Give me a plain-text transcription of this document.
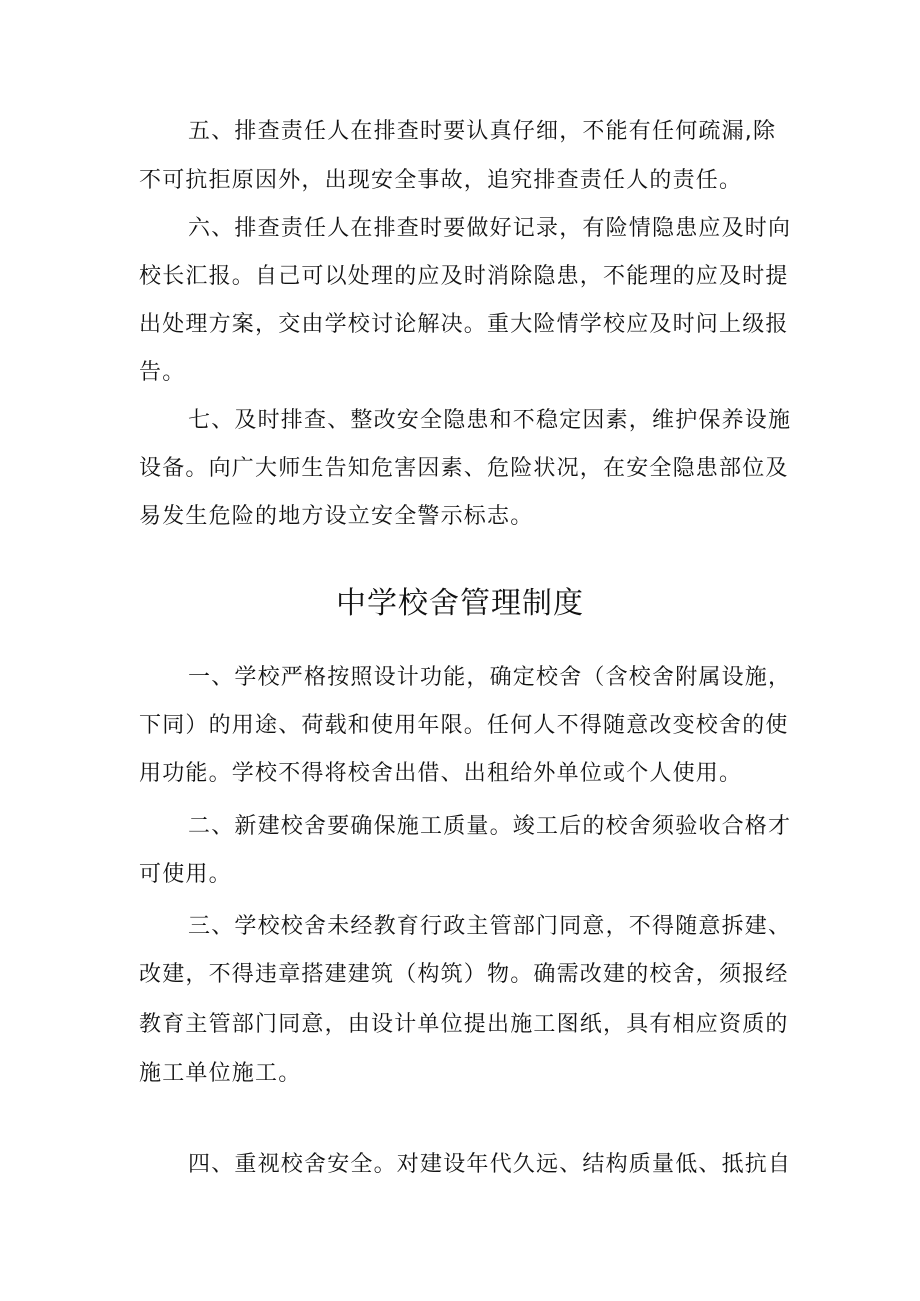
五、排查责任人在排查时要认真仔细，不能有任何疏漏,除
不可抗拒原因外，出现安全事故，追究排查责任人的责任。
六、排查责任人在排查时要做好记录，有险情隐患应及时向
校长汇报。自己可以处理的应及时消除隐患，不能理的应及时提
出处理方案，交由学校讨论解决。重大险情学校应及时问上级报
告。
七、及时排查、整改安全隐患和不稳定因素，维护保养设施
设备。向广大师生告知危害因素、危险状况，在安全隐患部位及
易发生危险的地方设立安全警示标志。
中学校舍管理制度
一、学校严格按照设计功能，确定校舍（含校舍附属设施，
下同）的用途、荷载和使用年限。任何人不得随意改变校舍的使
用功能。学校不得将校舍出借、出租给外单位或个人使用。
二、新建校舍要确保施工质量。竣工后的校舍须验收合格才
可使用。
三、学校校舍未经教育行政主管部门同意，不得随意拆建、
改建，不得违章搭建建筑（构筑）物。确需改建的校舍，须报经
教育主管部门同意，由设计单位提出施工图纸，具有相应资质的
施工单位施工。
四、重视校舍安全。对建设年代久远、结构质量低、抵抗自
